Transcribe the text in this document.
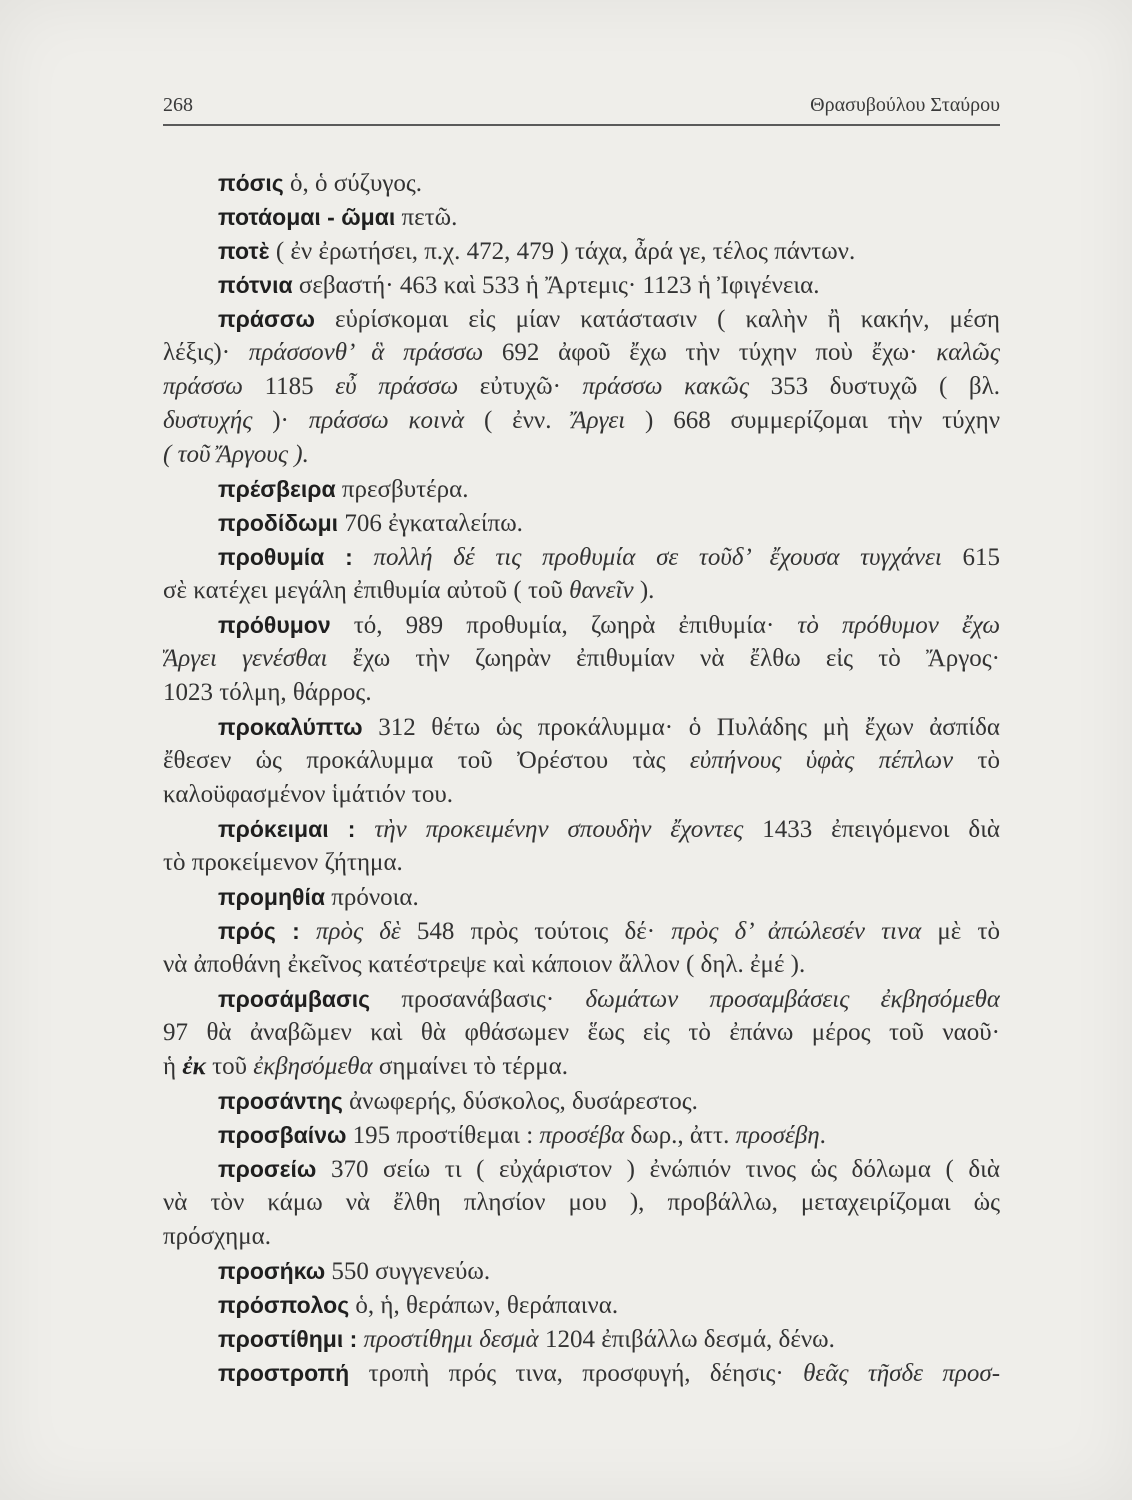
268	Θρασυβούλου Σταύρου
πόσις ὁ, ὁ σύζυγος.
ποτάομαι - ῶμαι πετῶ.
ποτὲ ( ἐν ἐρωτήσει, π.χ. 472, 479 ) τάχα, ἆρά γε, τέλος πάντων.
πότνια σεβαστή· 463 καὶ 533 ἡ Ἄρτεμις· 1123 ἡ Ἰφιγένεια.
πράσσω εὑρίσκομαι εἰς μίαν κατάστασιν ( καλὴν ἢ κακήν, μέση
λέξις)· πράσσονθ’ ἃ πράσσω 692 ἀφοῦ ἔχω τὴν τύχην ποὺ ἔχω· καλῶς
πράσσω 1185 εὖ πράσσω εὐτυχῶ· πράσσω κακῶς 353 δυστυχῶ ( βλ.
δυστυχής )· πράσσω κοινὰ ( ἐνν. Ἄργει ) 668 συμμερίζομαι τὴν τύχην
( τοῦ Ἄργους ).
πρέσβειρα πρεσβυτέρα.
προδίδωμι 706 ἐγκαταλείπω.
προθυμία : πολλή δέ τις προθυμία σε τοῦδ’ ἔχουσα τυγχάνει 615
σὲ κατέχει μεγάλη ἐπιθυμία αὐτοῦ ( τοῦ θανεῖν ).
πρόθυμον τό, 989 προθυμία, ζωηρὰ ἐπιθυμία· τὸ πρόθυμον ἔχω
Ἄργει γενέσθαι ἔχω τὴν ζωηρὰν ἐπιθυμίαν νὰ ἔλθω εἰς τὸ Ἄργος·
1023 τόλμη, θάρρος.
προκαλύπτω 312 θέτω ὡς προκάλυμμα· ὁ Πυλάδης μὴ ἔχων ἀσπίδα
ἔθεσεν ὡς προκάλυμμα τοῦ Ὀρέστου τὰς εὐπήνους ὑφὰς πέπλων τὸ
καλοϋφασμένον ἱμάτιόν του.
πρόκειμαι : τὴν προκειμένην σπουδὴν ἔχοντες 1433 ἐπειγόμενοι διὰ
τὸ προκείμενον ζήτημα.
προμηθία πρόνοια.
πρός : πρὸς δὲ 548 πρὸς τούτοις δέ· πρὸς δ’ ἀπώλεσέν τινα μὲ τὸ
νὰ ἀποθάνη ἐκεῖνος κατέστρεψε καὶ κάποιον ἄλλον ( δηλ. ἐμέ ).
προσάμβασις προσανάβασις· δωμάτων προσαμβάσεις ἐκβησόμεθα
97 θὰ ἀναβῶμεν καὶ θὰ φθάσωμεν ἕως εἰς τὸ ἐπάνω μέρος τοῦ ναοῦ·
ἡ ἐκ τοῦ ἐκβησόμεθα σημαίνει τὸ τέρμα.
προσάντης ἀνωφερής, δύσκολος, δυσάρεστος.
προσβαίνω 195 προστίθεμαι : προσέβα δωρ., ἀττ. προσέβη.
προσείω 370 σείω τι ( εὐχάριστον ) ἐνώπιόν τινος ὡς δόλωμα ( διὰ
νὰ τὸν κάμω νὰ ἔλθη πλησίον μου ), προβάλλω, μεταχειρίζομαι ὡς
πρόσχημα.
προσήκω 550 συγγενεύω.
πρόσπολος ὁ, ἡ, θεράπων, θεράπαινα.
προστίθημι : προστίθημι δεσμὰ 1204 ἐπιβάλλω δεσμά, δένω.
προστροπή τροπὴ πρός τινα, προσφυγή, δέησις· θεᾶς τῆσδε προσ-
